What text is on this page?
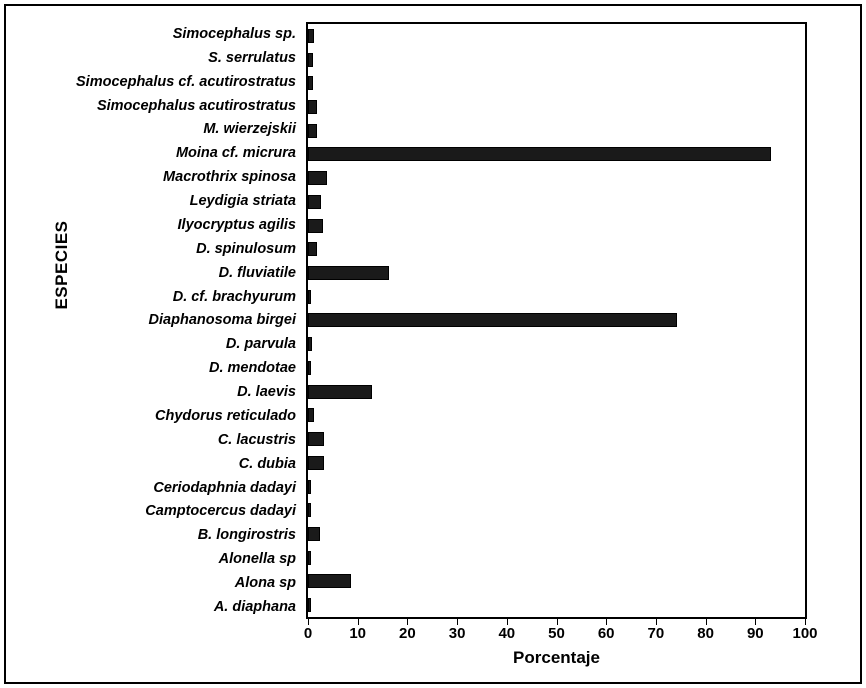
ESPECIES
Simocephalus sp.
S. serrulatus
Simocephalus cf. acutirostratus
Simocephalus acutirostratus
M. wierzejskii
Moina cf. micrura
Macrothrix spinosa
Leydigia striata
Ilyocryptus agilis
D. spinulosum
D. fluviatile
D. cf. brachyurum
Diaphanosoma birgei
D. parvula
D. mendotae
D. laevis
Chydorus reticulado
C. lacustris
C. dubia
Ceriodaphnia dadayi
Camptocercus dadayi
B. longirostris
Alonella sp
Alona sp
A. diaphana
0 10 20 30 40 50 60 70 80 90 100
Porcentaje
